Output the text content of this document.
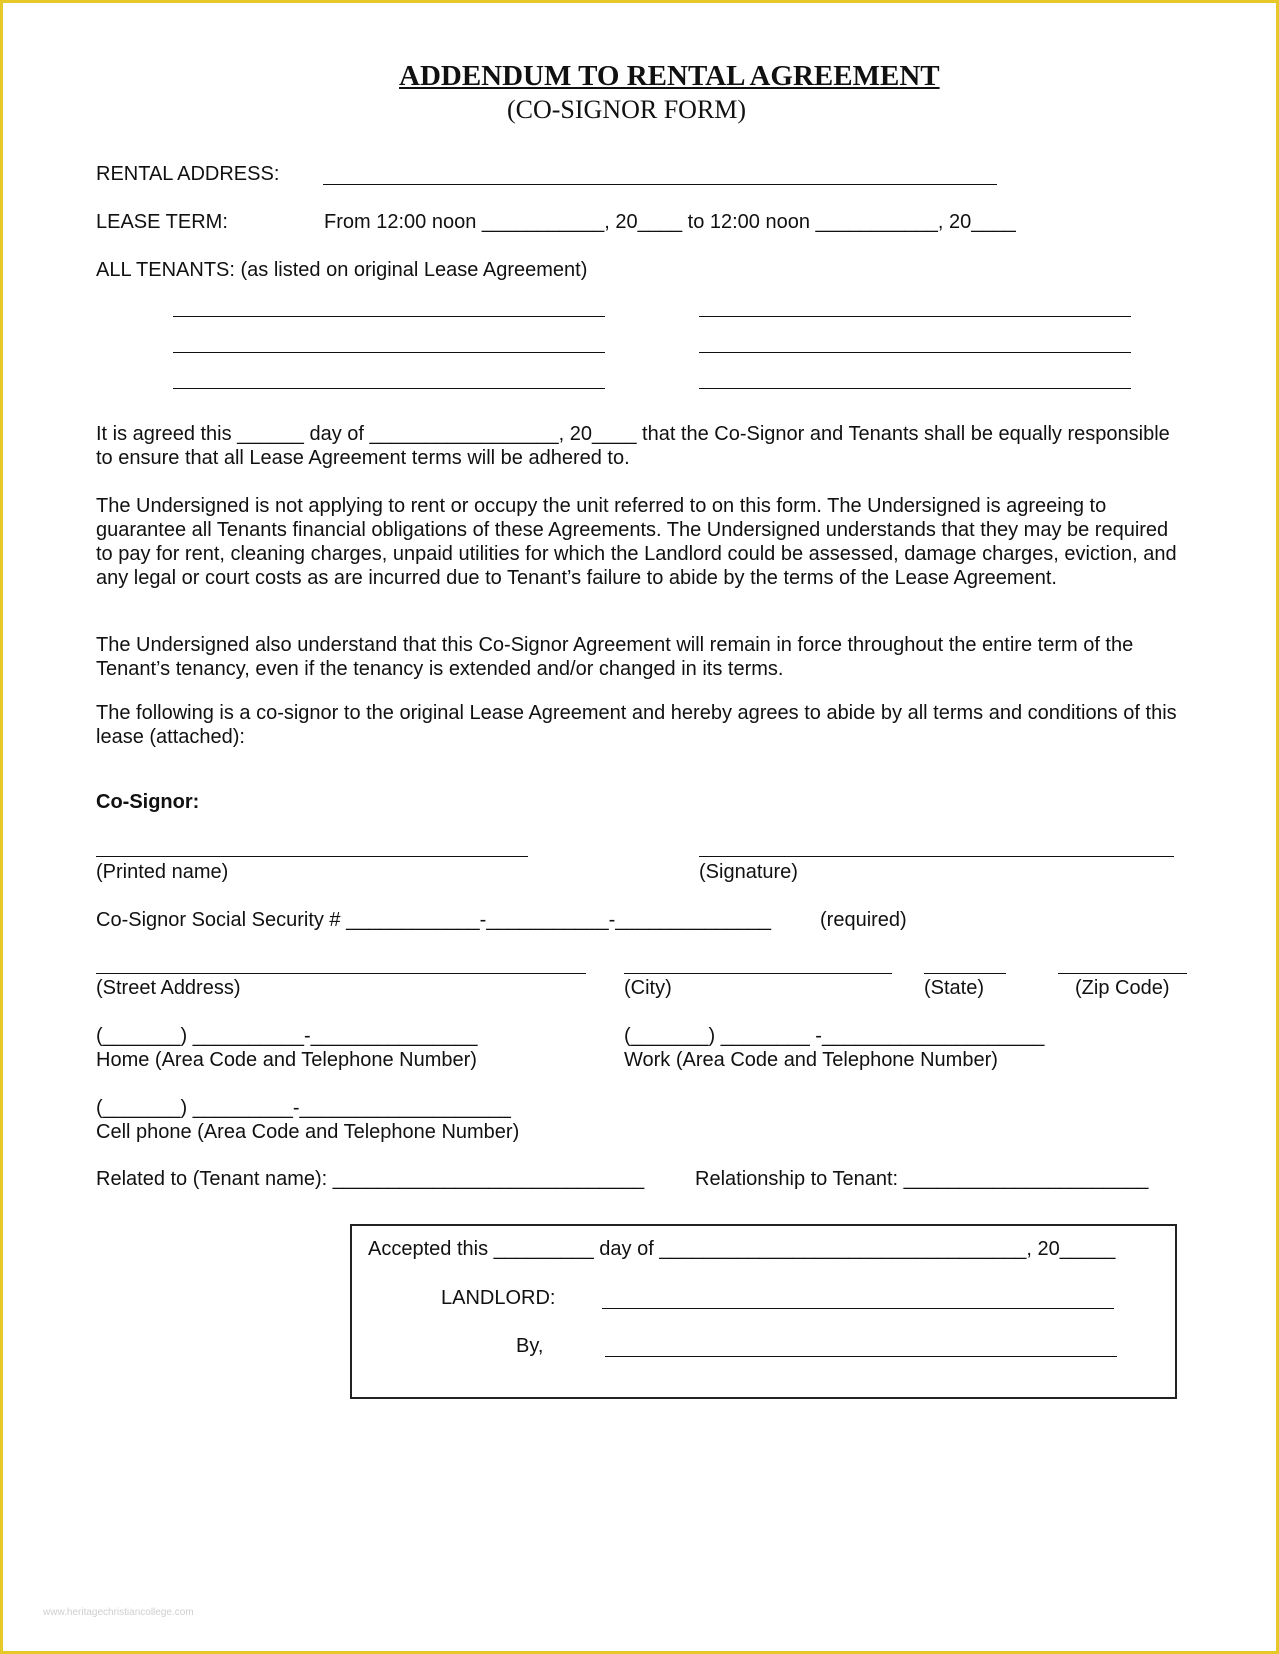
ADDENDUM TO RENTAL AGREEMENT
(CO-SIGNOR FORM)
RENTAL ADDRESS:
LEASE TERM:	From 12:00 noon ___________, 20____ to 12:00 noon ___________, 20____
ALL TENANTS: (as listed on original Lease Agreement)
It is agreed this ______ day of _________________, 20____ that the Co-Signor and Tenants shall be equally responsible to ensure that all Lease Agreement terms will be adhered to.
The Undersigned is not applying to rent or occupy the unit referred to on this form. The Undersigned is agreeing to guarantee all Tenants financial obligations of these Agreements. The Undersigned understands that they may be required to pay for rent, cleaning charges, unpaid utilities for which the Landlord could be assessed, damage charges, eviction, and any legal or court costs as are incurred due to Tenant’s failure to abide by the terms of the Lease Agreement.
The Undersigned also understand that this Co-Signor Agreement will remain in force throughout the entire term of the Tenant’s tenancy, even if the tenancy is extended and/or changed in its terms.
The following is a co-signor to the original Lease Agreement and hereby agrees to abide by all terms and conditions of this lease (attached):
Co-Signor:
(Printed name)	(Signature)
Co-Signor Social Security # ____________-___________-______________ (required)
(Street Address)	(City)	(State)	(Zip Code)
(_______) __________-_______________	(_______) ________ -____________________
Home (Area Code and Telephone Number)	Work (Area Code and Telephone Number)
(_______) _________-___________________
Cell phone (Area Code and Telephone Number)
Related to (Tenant name): ____________________________	Relationship to Tenant: ______________________
Accepted this _________ day of _________________________________, 20_____
LANDLORD:
By,
www.heritagechristiancollege.com
